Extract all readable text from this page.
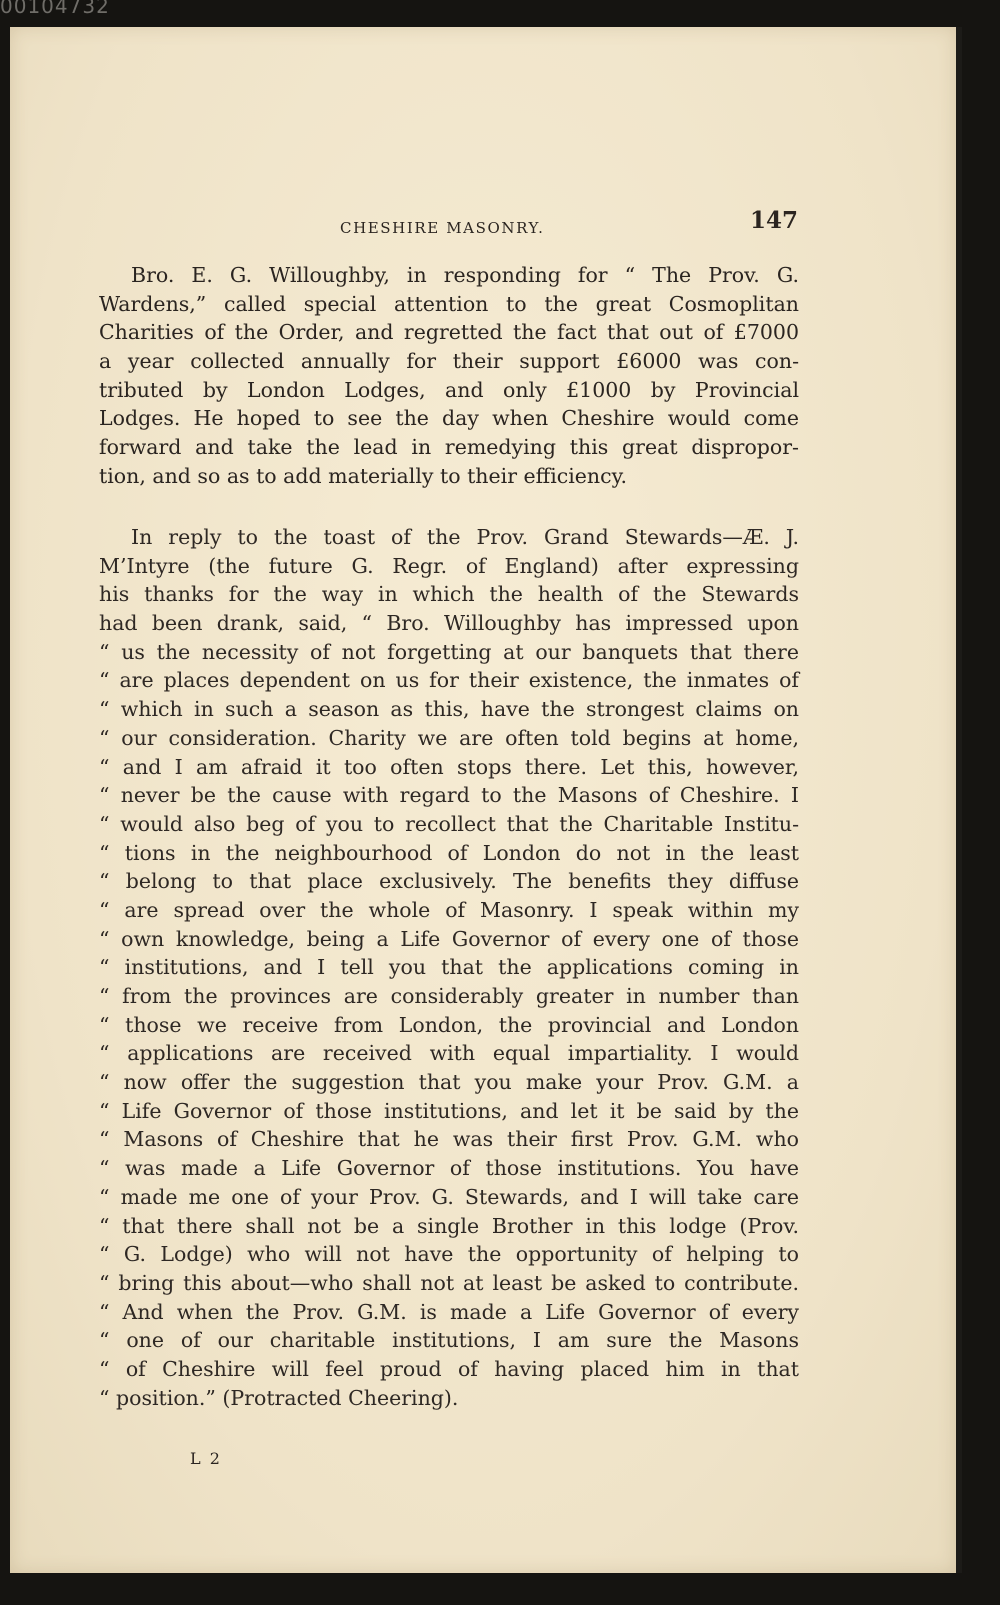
00104732
CHESHIRE MASONRY.	147
Bro. E. G. Willoughby, in responding for “ The Prov. G.
Wardens,” called special attention to the great Cosmoplitan
Charities of the Order, and regretted the fact that out of £7000
a year collected annually for their support £6000 was con-
tributed by London Lodges, and only £1000 by Provincial
Lodges. He hoped to see the day when Cheshire would come
forward and take the lead in remedying this great dispropor-
tion, and so as to add materially to their efficiency.
In reply to the toast of the Prov. Grand Stewards—Æ. J.
M’Intyre (the future G. Regr. of England) after expressing
his thanks for the way in which the health of the Stewards
had been drank, said, “ Bro. Willoughby has impressed upon
“ us the necessity of not forgetting at our banquets that there
“ are places dependent on us for their existence, the inmates of
“ which in such a season as this, have the strongest claims on
“ our consideration. Charity we are often told begins at home,
“ and I am afraid it too often stops there. Let this, however,
“ never be the cause with regard to the Masons of Cheshire. I
“ would also beg of you to recollect that the Charitable Institu-
“ tions in the neighbourhood of London do not in the least
“ belong to that place exclusively. The benefits they diffuse
“ are spread over the whole of Masonry. I speak within my
“ own knowledge, being a Life Governor of every one of those
“ institutions, and I tell you that the applications coming in
“ from the provinces are considerably greater in number than
“ those we receive from London, the provincial and London
“ applications are received with equal impartiality. I would
“ now offer the suggestion that you make your Prov. G.M. a
“ Life Governor of those institutions, and let it be said by the
“ Masons of Cheshire that he was their first Prov. G.M. who
“ was made a Life Governor of those institutions. You have
“ made me one of your Prov. G. Stewards, and I will take care
“ that there shall not be a single Brother in this lodge (Prov.
“ G. Lodge) who will not have the opportunity of helping to
“ bring this about—who shall not at least be asked to contribute.
“ And when the Prov. G.M. is made a Life Governor of every
“ one of our charitable institutions, I am sure the Masons
“ of Cheshire will feel proud of having placed him in that
“ position.” (Protracted Cheering).
L 2
